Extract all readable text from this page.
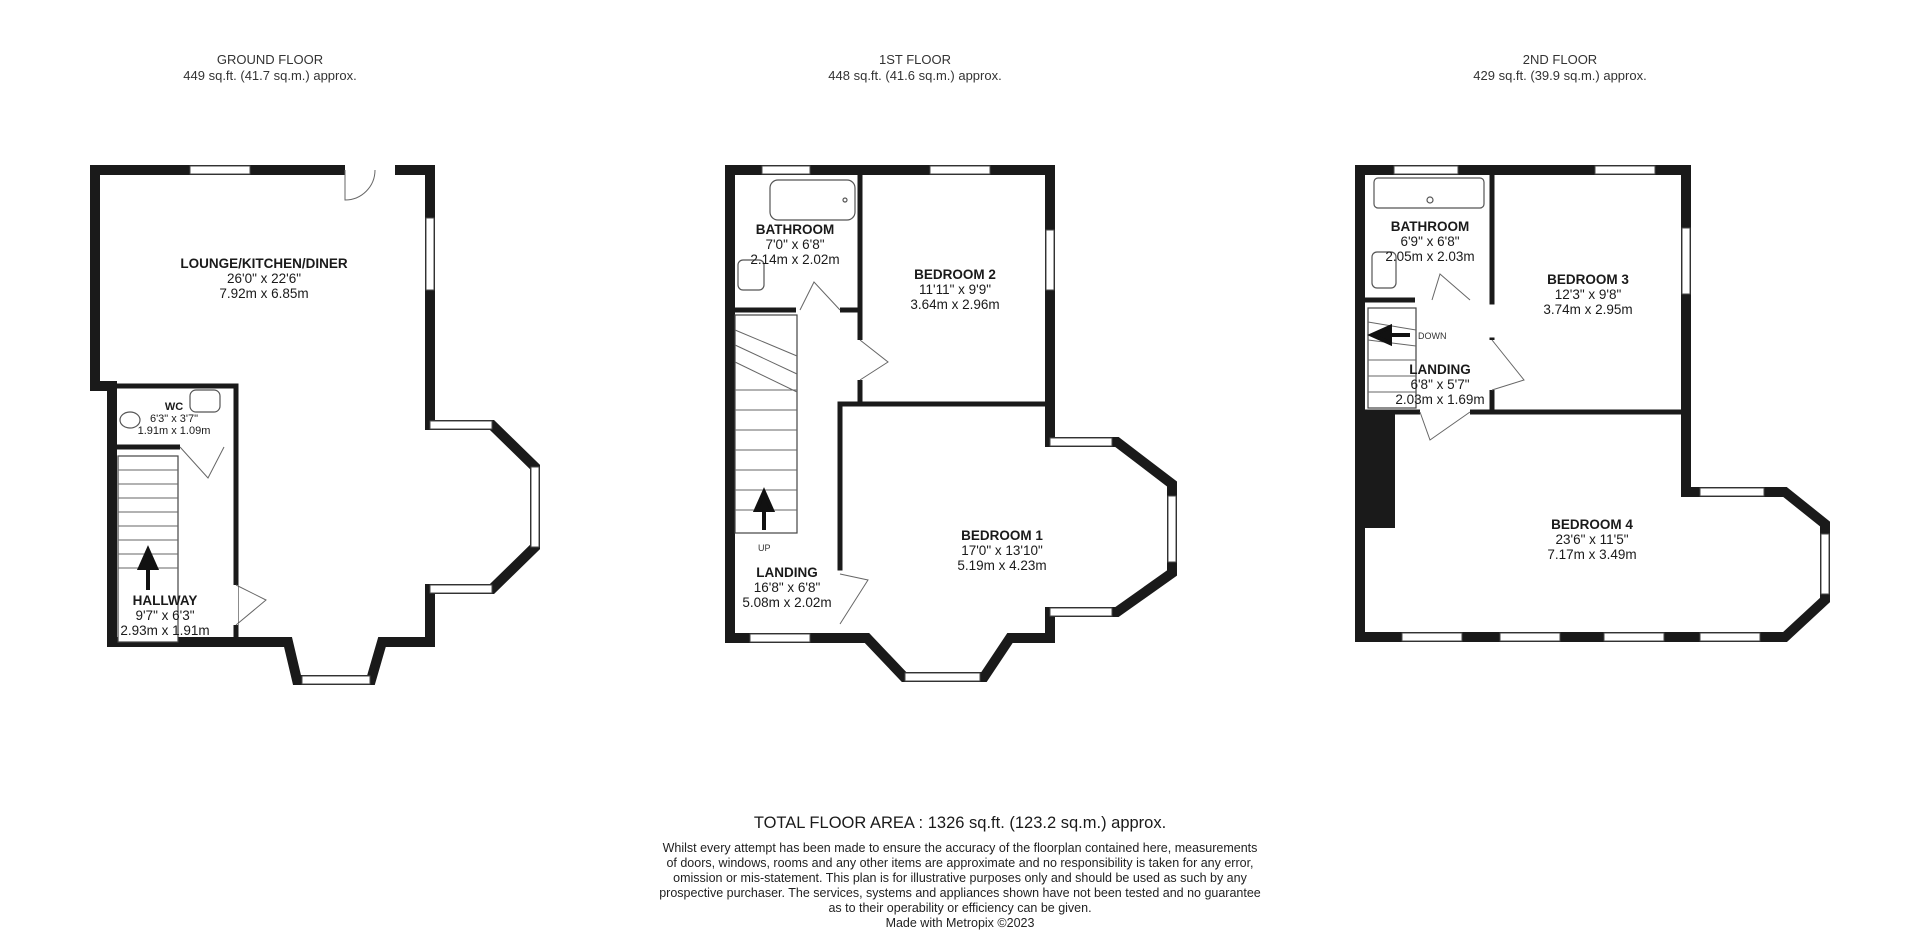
GROUND FLOOR
449 sq.ft. (41.7 sq.m.) approx.
1ST FLOOR
448 sq.ft. (41.6 sq.m.) approx.
2ND FLOOR
429 sq.ft. (39.9 sq.m.) approx.
LOUNGE/KITCHEN/DINER
26'0" x 22'6"
7.92m x 6.85m
WC
6'3" x 3'7"
1.91m x 1.09m
HALLWAY
9'7" x 6'3"
2.93m x 1.91m
BATHROOM
7'0" x 6'8"
2.14m x 2.02m
BEDROOM 2
11'11" x 9'9"
3.64m x 2.96m
LANDING
16'8" x 6'8"
5.08m x 2.02m
BEDROOM 1
17'0" x 13'10"
5.19m x 4.23m
UP
BATHROOM
6'9" x 6'8"
2.05m x 2.03m
BEDROOM 3
12'3" x 9'8"
3.74m x 2.95m
LANDING
6'8" x 5'7"
2.03m x 1.69m
BEDROOM 4
23'6" x 11'5"
7.17m x 3.49m
DOWN
TOTAL FLOOR AREA : 1326 sq.ft. (123.2 sq.m.) approx.
Whilst every attempt has been made to ensure the accuracy of the floorplan contained here, measurements
of doors, windows, rooms and any other items are approximate and no responsibility is taken for any error,
omission or mis-statement. This plan is for illustrative purposes only and should be used as such by any
prospective purchaser. The services, systems and appliances shown have not been tested and no guarantee
as to their operability or efficiency can be given.
Made with Metropix ©2023
